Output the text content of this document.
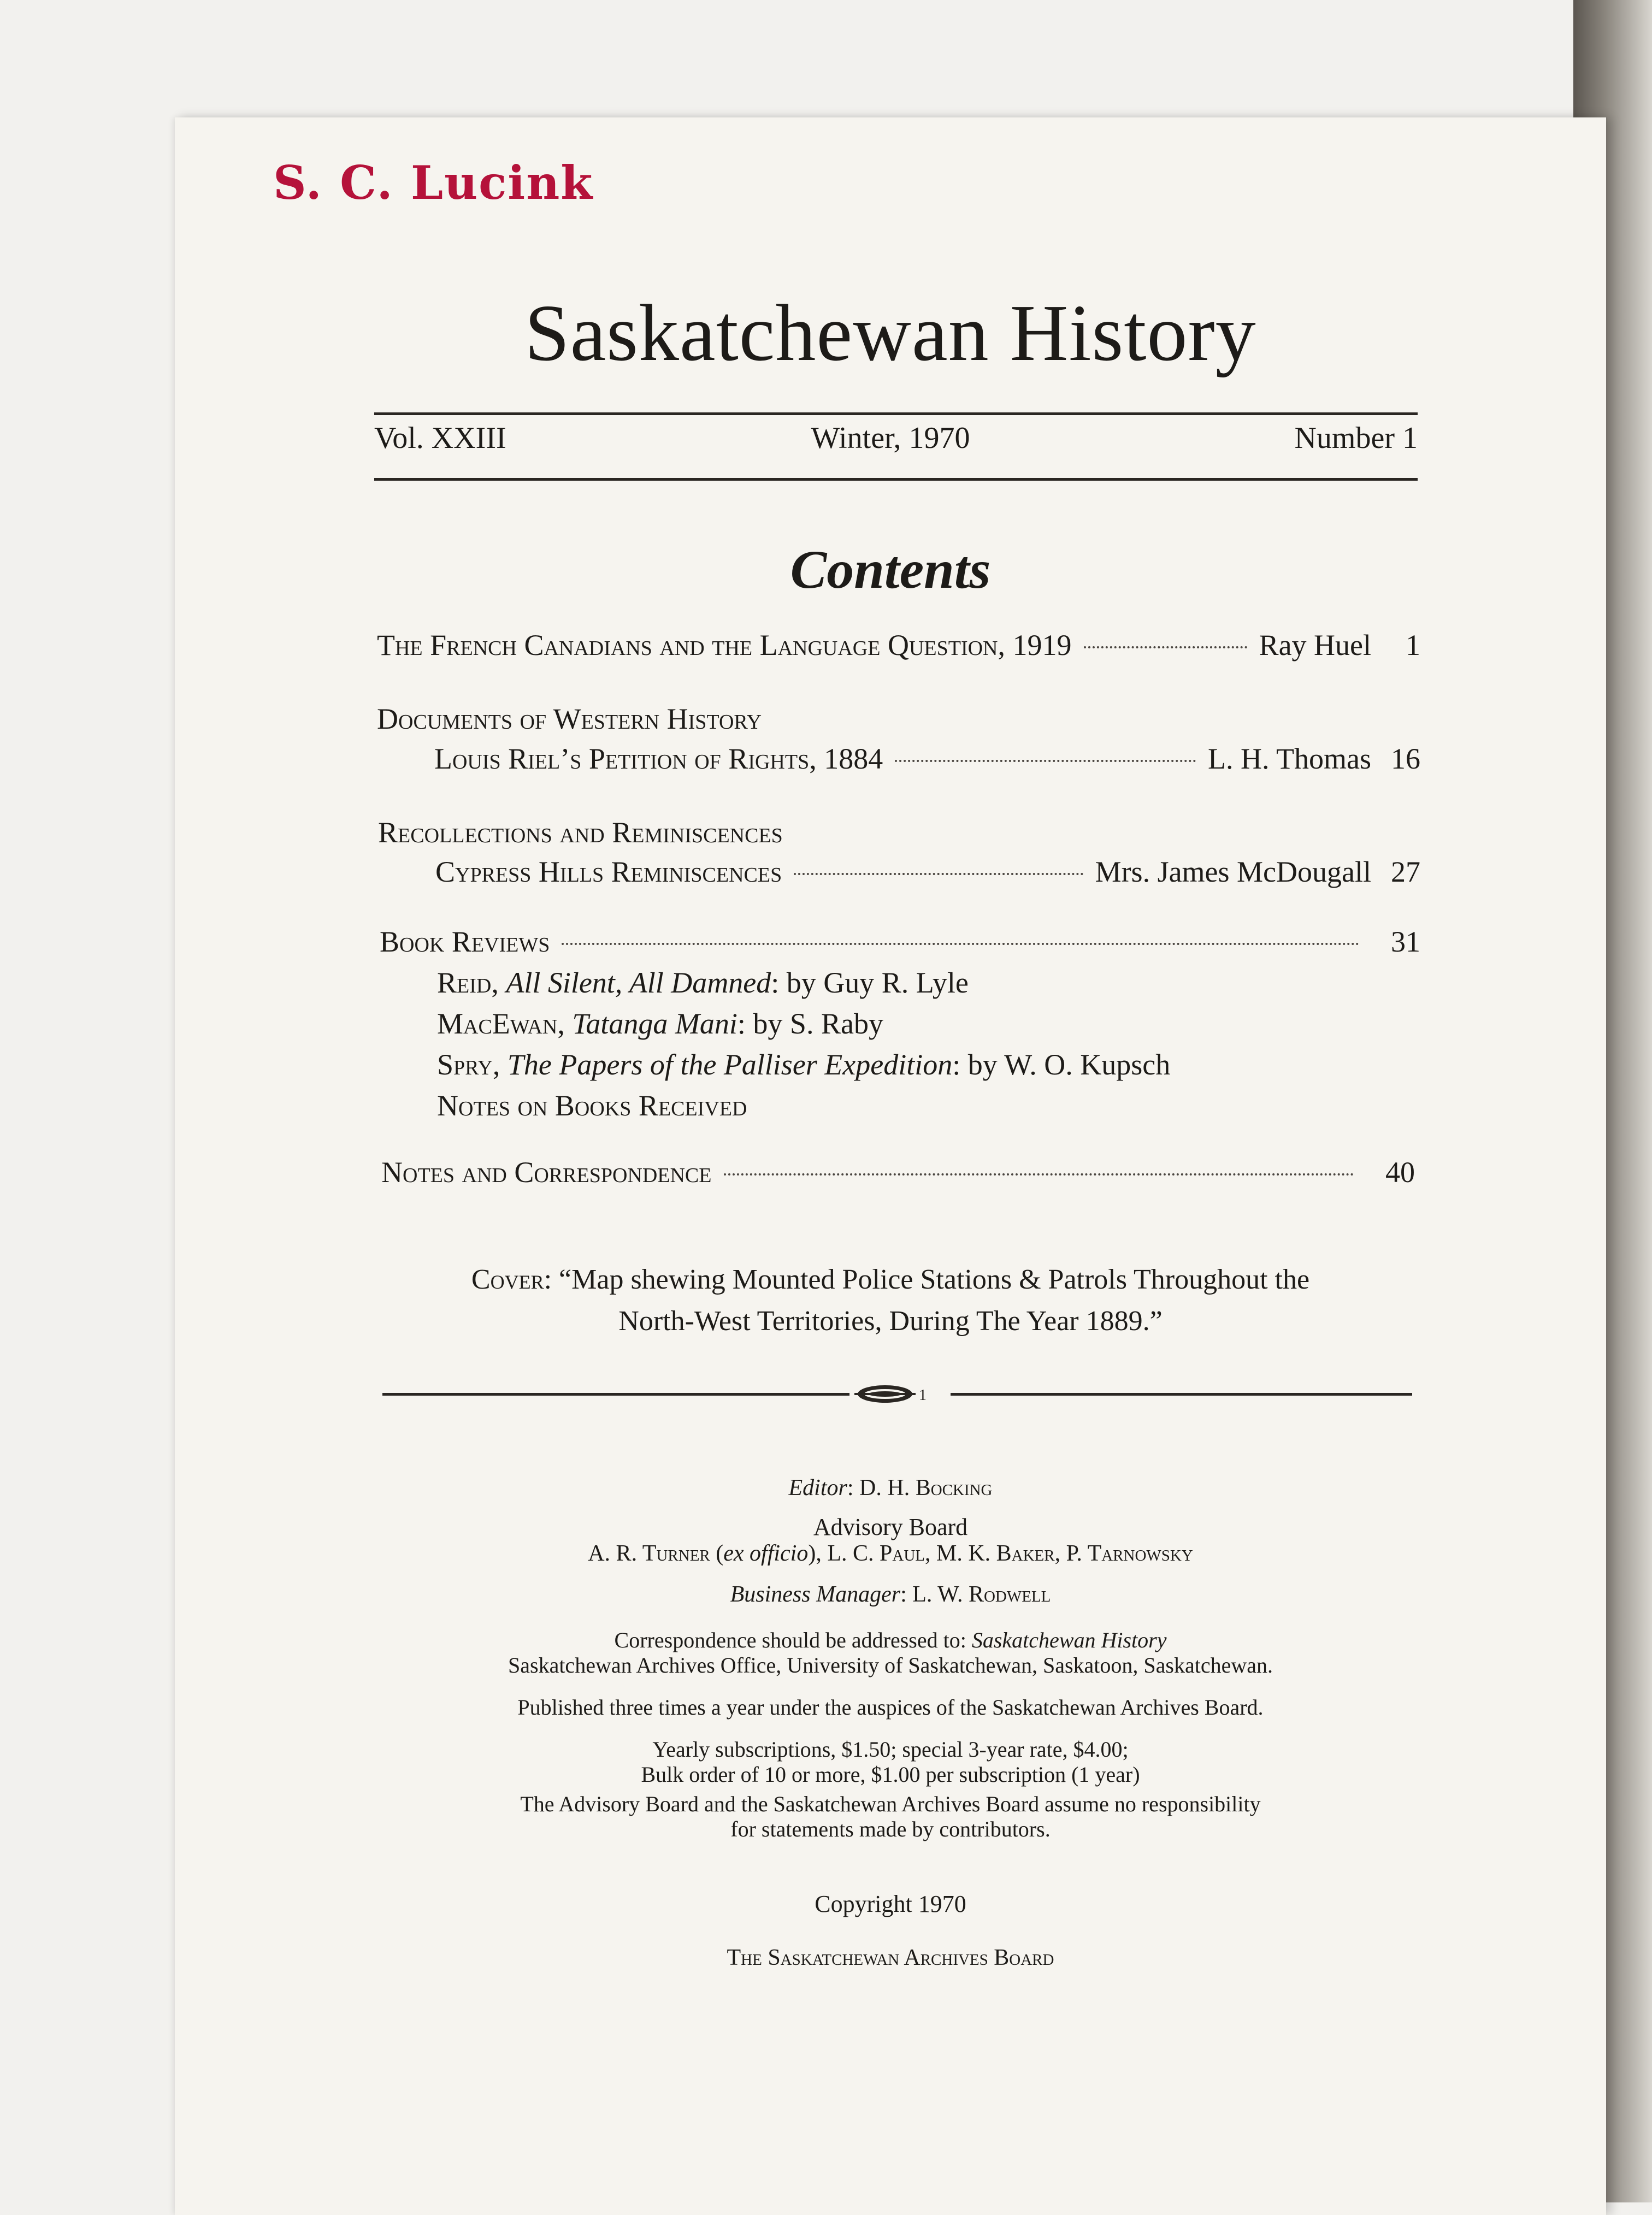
S. C. Lucink
Saskatchewan History
Vol. XXIII	Winter, 1970	Number 1
Contents
The French Canadians and the Language Question, 1919	Ray Huel	1
Documents of Western History
Louis Riel’s Petition of Rights, 1884	L. H. Thomas 16
Recollections and Reminiscences
Cypress Hills Reminiscences	Mrs. James McDougall 27
Book Reviews	31
Reid, All Silent, All Damned: by Guy R. Lyle
MacEwan, Tatanga Mani: by S. Raby
Spry, The Papers of the Palliser Expedition: by W. O. Kupsch
Notes on Books Received
Notes and Correspondence	40
Cover: “Map shewing Mounted Police Stations & Patrols Throughout the
North-West Territories, During The Year 1889.”
1
Editor: D. H. Bocking
Advisory Board
A. R. Turner (ex officio), L. C. Paul, M. K. Baker, P. Tarnowsky
Business Manager: L. W. Rodwell
Correspondence should be addressed to: Saskatchewan History
Saskatchewan Archives Office, University of Saskatchewan, Saskatoon, Saskatchewan.
Published three times a year under the auspices of the Saskatchewan Archives Board.
Yearly subscriptions, $1.50; special 3-year rate, $4.00;
Bulk order of 10 or more, $1.00 per subscription (1 year)
The Advisory Board and the Saskatchewan Archives Board assume no responsibility
for statements made by contributors.
Copyright 1970
The Saskatchewan Archives Board
